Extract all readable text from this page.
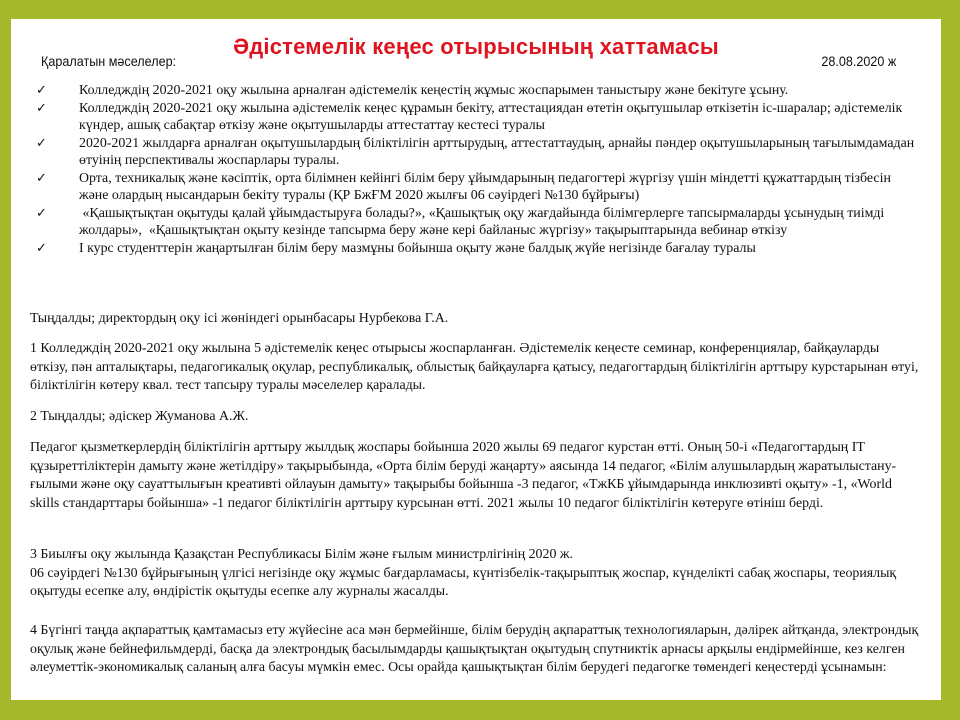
Әдістемелік кеңес отырысының хаттамасы
Қаралатын мәселелер:	28.08.2020 ж
✓ Колледждің 2020-2021 оқу жылына арналған әдістемелік кеңестің жұмыс жоспарымен таныстыру және бекітуге ұсыну.
✓ Колледждің 2020-2021 оқу жылына әдістемелік кеңес құрамын бекіту, аттестациядан өтетін оқытушылар өткізетін іс-шаралар; әдістемелік күндер, ашық сабақтар өткізу және оқытушыларды аттестаттау кестесі туралы
✓ 2020-2021 жылдарға арналған оқытушылардың біліктілігін арттырудың, аттестаттаудың, арнайы пәндер оқытушыларының тағылымдамадан өтуінің перспективалы жоспарлары туралы.
✓ Орта, техникалық және кәсіптік, орта білімнен кейінгі білім беру ұйымдарының педагогтері жүргізу үшін міндетті құжаттардың тізбесін және олардың нысандарын бекіту туралы (ҚР БжҒМ 2020 жылғы 06 сәуірдегі №130 бұйрығы)
✓ «Қашықтықтан оқытуды қалай ұйымдастыруға болады?», «Қашықтық оқу жағдайында білімгерлерге тапсырмаларды ұсынудың тиімді жолдары»,  «Қашықтықтан оқыту кезінде тапсырма беру және кері байланыс жүргізу» тақырыптарында вебинар өткізу
✓ І курс студенттерін жаңартылған білім беру мазмұны бойынша оқыту және балдық жүйе негізінде бағалау туралы

Тыңдалды; директордың оқу ісі жөніндегі орынбасары Нурбекова Г.А.

1 Колледждің 2020-2021 оқу жылына 5 әдістемелік кеңес отырысы жоспарланған. Әдістемелік кеңесте семинар, конференциялар, байқауларды өткізу, пән апталықтары, педагогикалық оқулар, республикалық, облыстық байқауларға қатысу, педагогтардың біліктілігін арттыру курстарынан өтуі, біліктілігін көтеру квал. тест тапсыру туралы мәселелер қаралады.

2 Тыңдалды; әдіскер Жуманова А.Ж.

Педагог қызметкерлердің біліктілігін арттыру жылдық жоспары бойынша 2020 жылы 69 педагог курстан өтті. Оның 50-і «Педагогтардың ІТ құзыреттіліктерін дамыту және жетілдіру» тақырыбында, «Орта білім беруді жаңарту» аясында 14 педагог, «Білім алушылардың жаратылыстану-ғылыми және оқу сауаттылығын креативті ойлауын дамыту» тақырыбы бойынша -3 педагог, «ТжКБ ұйымдарында инклюзивті оқыту» -1, «World skills стандарттары бойынша» -1 педагог біліктілігін арттыру курсынан өтті. 2021 жылы 10 педагог біліктілігін көтеруге өтініш берді.

3 Биылғы оқу жылында Қазақстан Республикасы Білім және ғылым министрлігінің 2020 ж.
06 сәуірдегі №130 бұйрығының үлгісі негізінде оқу жұмыс бағдарламасы, күнтізбелік-тақырыптық жоспар, күнделікті сабақ жоспары, теориялық оқытуды есепке алу, өндірістік оқытуды есепке алу журналы жасалды.

4 Бүгінгі таңда ақпараттық қамтамасыз ету жүйесіне аса мән бермейінше, білім берудің ақпараттық технологияларын, дәлірек айтқанда, электрондық оқулық және бейнефильмдерді, басқа да электрондық басылымдарды қашықтықтан оқытудың спутниктік арнасы арқылы ендірмейінше, кез келген әлеуметтік-экономикалық саланың алға басуы мүмкін емес. Осы орайда қашықтықтан білім берудегі педагогке төмендегі кеңестерді ұсынамын:
